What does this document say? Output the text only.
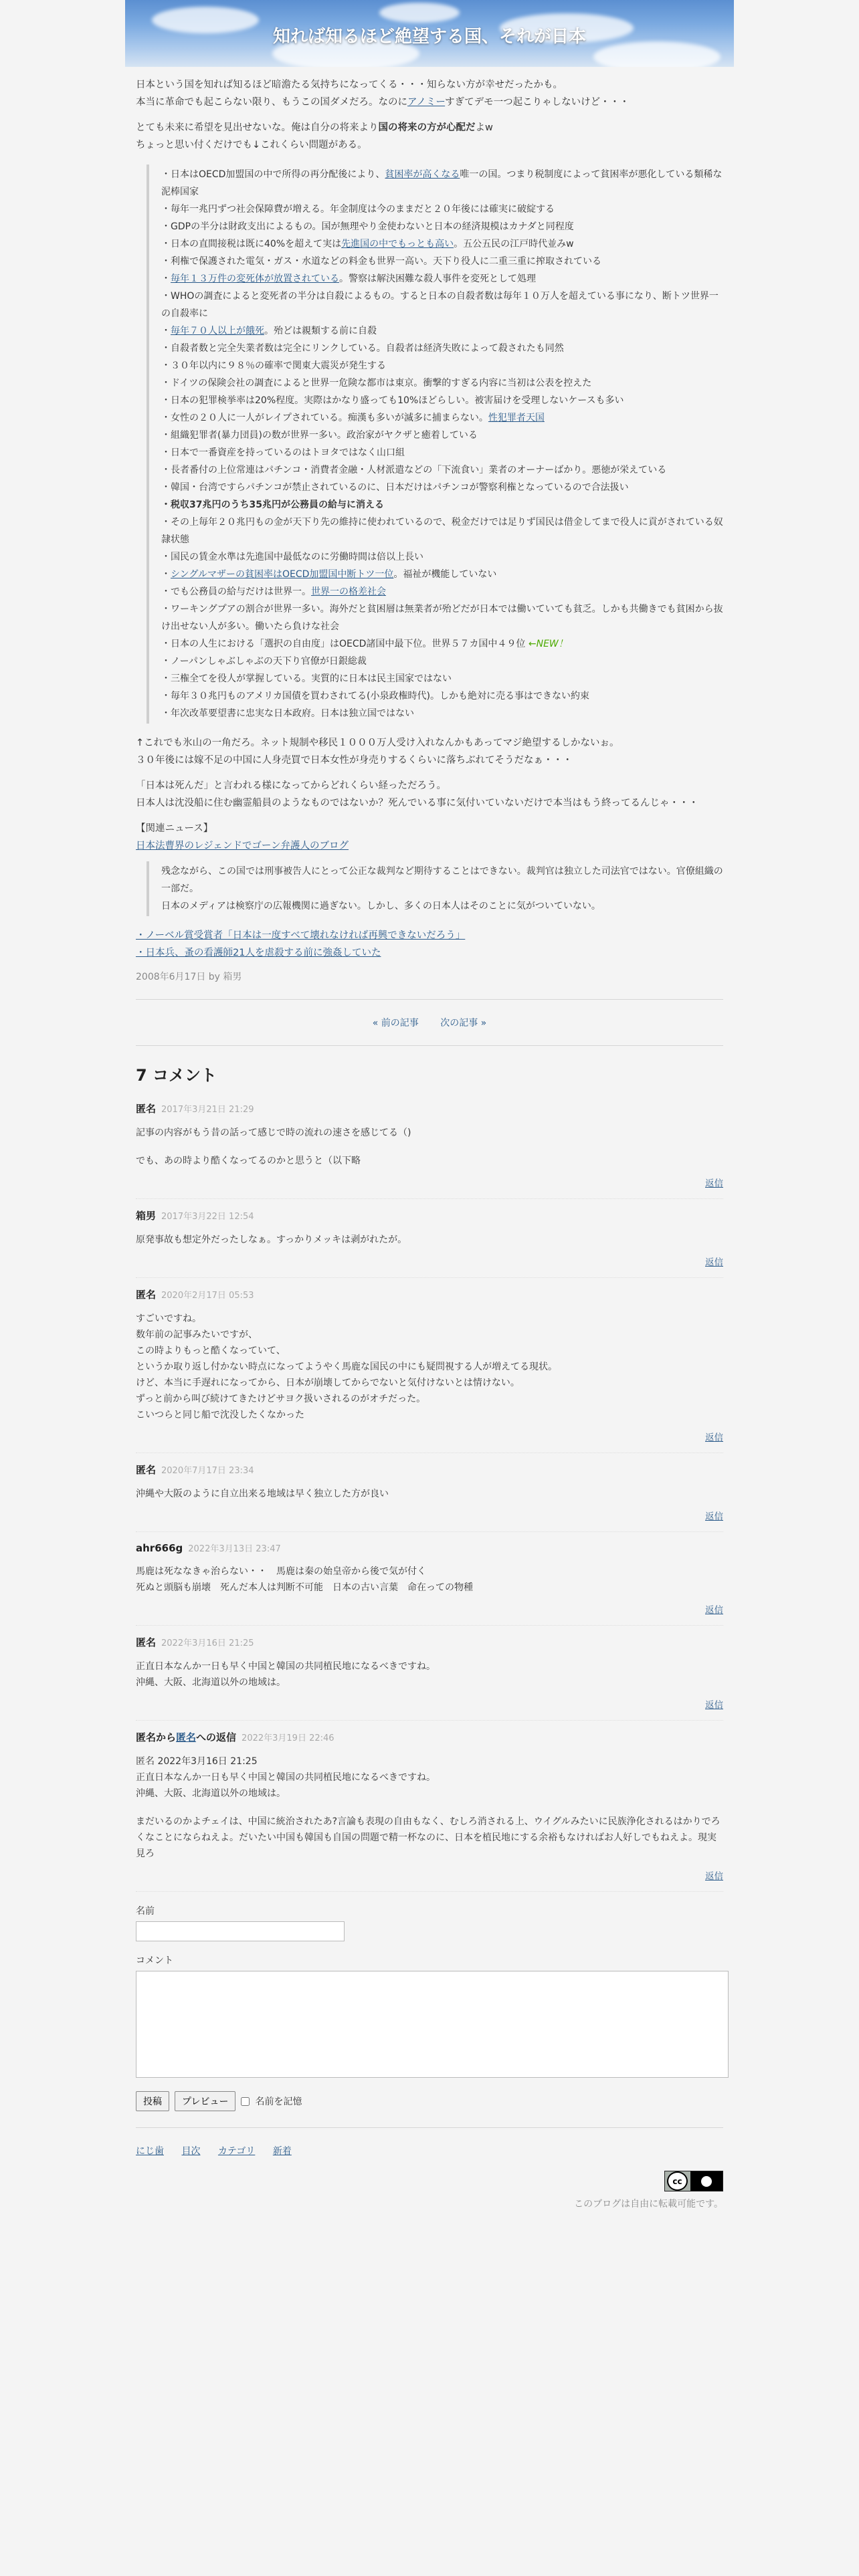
知れば知るほど絶望する国、それが日本

日本という国を知れば知るほど暗澹たる気持ちになってくる・・・知らない方が幸せだったかも。

本当に革命でも起こらない限り、もうこの国ダメだろ。なのにアノミーすぎてデモ一つ起こりゃしないけど・・・

とても未来に希望を見出せないな。俺は自分の将来より国の将来の方が心配だよw

ちょっと思い付くだけでも↓これくらい問題がある。

・日本はOECD加盟国の中で所得の再分配後により、貧困率が高くなる唯一の国。つまり税制度によって貧困率が悪化している類稀な泥棒国家

・毎年一兆円ずつ社会保障費が増える。年金制度は今のままだと２０年後には確実に破綻する

・GDPの半分は財政支出によるもの。国が無理やり金使わないと日本の経済規模はカナダと同程度

・日本の直間接税は既に40%を超えて実は先進国の中でもっとも高い。五公五民の江戸時代並みw

・利権で保護された電気・ガス・水道などの料金も世界一高い。天下り役人に二重三重に搾取されている

・毎年１３万件の変死体が放置されている。警察は解決困難な殺人事件を変死として処理

・WHOの調査によると変死者の半分は自殺によるもの。すると日本の自殺者数は毎年１０万人を超えている事になり、断トツ世界一の自殺率に

・毎年７０人以上が餓死。殆どは親類する前に自殺

・自殺者数と完全失業者数は完全にリンクしている。自殺者は経済失敗によって殺されたも同然

・３０年以内に９８％の確率で関東大震災が発生する

・ドイツの保険会社の調査によると世界一危険な都市は東京。衝撃的すぎる内容に当初は公表を控えた

・日本の犯罪検挙率は20%程度。実際はかなり盛っても10%ほどらしい。被害届けを受理しないケースも多い

・女性の２０人に一人がレイプされている。痴漢も多いが滅多に捕まらない。性犯罪者天国

・組織犯罪者(暴力団員)の数が世界一多い。政治家がヤクザと癒着している

・日本で一番資産を持っているのはトヨタではなく山口組

・長者番付の上位常連はパチンコ・消費者金融・人材派遣などの「下流食い」業者のオーナーばかり。悪徳が栄えている

・韓国・台湾ですらパチンコが禁止されているのに、日本だけはパチンコが警察利権となっているので合法扱い

・税収37兆円のうち35兆円が公務員の給与に消える

・その上毎年２０兆円もの金が天下り先の維持に使われているので、税金だけでは足りず国民は借金してまで役人に貢がされている奴隷状態

・国民の賃金水準は先進国中最低なのに労働時間は倍以上長い

・シングルマザーの貧困率はOECD加盟国中断トツ一位。福祉が機能していない

・でも公務員の給与だけは世界一。世界一の格差社会

・ワーキングプアの割合が世界一多い。海外だと貧困層は無業者が殆どだが日本では働いていても貧乏。しかも共働きでも貧困から抜け出せない人が多い。働いたら負けな社会

・日本の人生における「選択の自由度」はOECD諸国中最下位。世界５７カ国中４９位 ←NEW！

・ノーパンしゃぶしゃぶの天下り官僚が日銀総裁

・三権全てを役人が掌握している。実質的に日本は民主国家ではない

・毎年３０兆円ものアメリカ国債を買わされてる(小泉政権時代)。しかも絶対に売る事はできない約束

・年次改革要望書に忠実な日本政府。日本は独立国ではない

↑これでも氷山の一角だろ。ネット規制や移民１０００万人受け入れなんかもあってマジ絶望するしかないぉ。

３０年後には嫁不足の中国に人身売買で日本女性が身売りするくらいに落ちぶれてそうだなぁ・・・

「日本は死んだ」と言われる様になってからどれくらい経っただろう。

日本人は沈没船に住む幽霊船員のようなものではないか？死んでいる事に気付いていないだけで本当はもう終ってるんじゃ・・・

【関連ニュース】

日本法曹界のレジェンドでゴーン弁護人のブログ

残念ながら、この国では刑事被告人にとって公正な裁判など期待することはできない。裁判官は独立した司法官ではない。官僚組織の一部だ。

日本のメディアは検察庁の広報機関に過ぎない。しかし、多くの日本人はそのことに気がついていない。

・ノーベル賞受賞者「日本は一度すべて壊れなければ再興できないだろう」

・日本兵、蚤の看護師21人を虐殺する前に強姦していた

2008年6月17日 by 箱男
« 前の記事 次の記事 »
7 コメント
匿名 2017年3月21日 21:29

記事の内容がもう昔の話って感じで時の流れの速さを感じてる（)

でも、あの時より酷くなってるのかと思うと（以下略

返信
箱男 2017年3月22日 12:54

原発事故も想定外だったしなぁ。すっかりメッキは剥がれたが。

返信
匿名 2020年2月17日 05:53

すごいですね。

数年前の記事みたいですが、

この時よりもっと酷くなっていて、

というか取り返し付かない時点になってようやく馬鹿な国民の中にも疑問視する人が増えてる現状。

けど、本当に手遅れになってから、日本が崩壊してからでないと気付けないとは情けない。

ずっと前から叫び続けてきたけどサヨク扱いされるのがオチだった。

こいつらと同じ船で沈没したくなかった

返信
匿名 2020年7月17日 23:34

沖縄や大阪のように自立出来る地域は早く独立した方が良い

返信
ahr666g 2022年3月13日 23:47

馬鹿は死ななきゃ治らない・・　馬鹿は秦の始皇帝から後で気が付く

死ぬと頭脳も崩壊　死んだ本人は判断不可能　日本の古い言葉　命在っての物種

返信
匿名 2022年3月16日 21:25

正直日本なんか一日も早く中国と韓国の共同植民地になるべきですね。

沖縄、大阪、北海道以外の地域は。

返信
匿名から匿名への返信 2022年3月19日 22:46

匿名 2022年3月16日 21:25

正直日本なんか一日も早く中国と韓国の共同植民地になるべきですね。

沖縄、大阪、北海道以外の地域は。

まだいるのかよチェイは、中国に統治されたあ?言論も表現の自由もなく、むしろ消される上、ウイグルみたいに民族浄化されるはかりでろくなことにならねえよ。だいたい中国も韓国も自国の問題で精一杯なのに、日本を植民地にする余裕もなければお人好しでもねえよ。現実見ろ

返信
名前
コメント
投稿	プレビュー	名前を記憶
にじ歯 目次 カテゴリ 新着
cc
このブログは自由に転載可能です。
